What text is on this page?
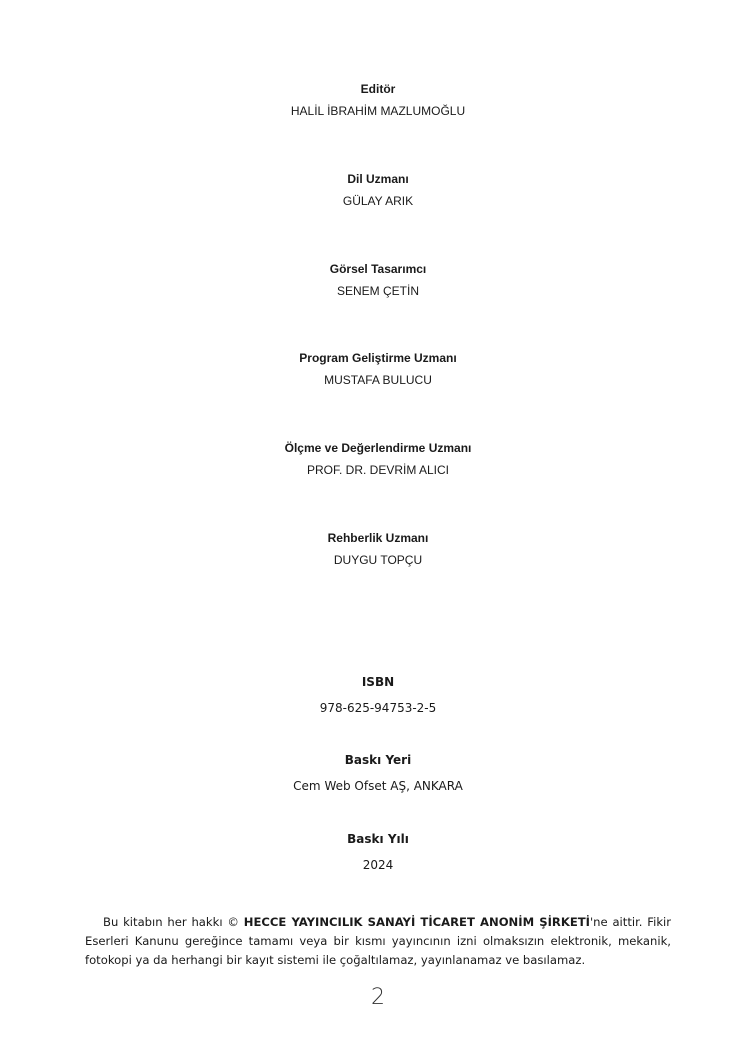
Editör
HALİL İBRAHİM MAZLUMOĞLU
Dil Uzmanı
GÜLAY ARIK
Görsel Tasarımcı
SENEM ÇETİN
Program Geliştirme Uzmanı
MUSTAFA BULUCU
Ölçme ve Değerlendirme Uzmanı
PROF. DR. DEVRİM ALICI
Rehberlik Uzmanı
DUYGU TOPÇU
ISBN
978-625-94753-2-5
Baskı Yeri
Cem Web Ofset AŞ, ANKARA
Baskı Yılı
2024
Bu kitabın her hakkı © HECCE YAYINCILIK SANAYİ TİCARET ANONİM ŞİRKETİ'ne aittir. Fikir Eserleri Kanunu gereğince tamamı veya bir kısmı yayıncının izni olmaksızın elektronik, mekanik, fotokopi ya da herhangi bir kayıt sistemi ile çoğaltılamaz, yayınlanamaz ve basılamaz.
2
